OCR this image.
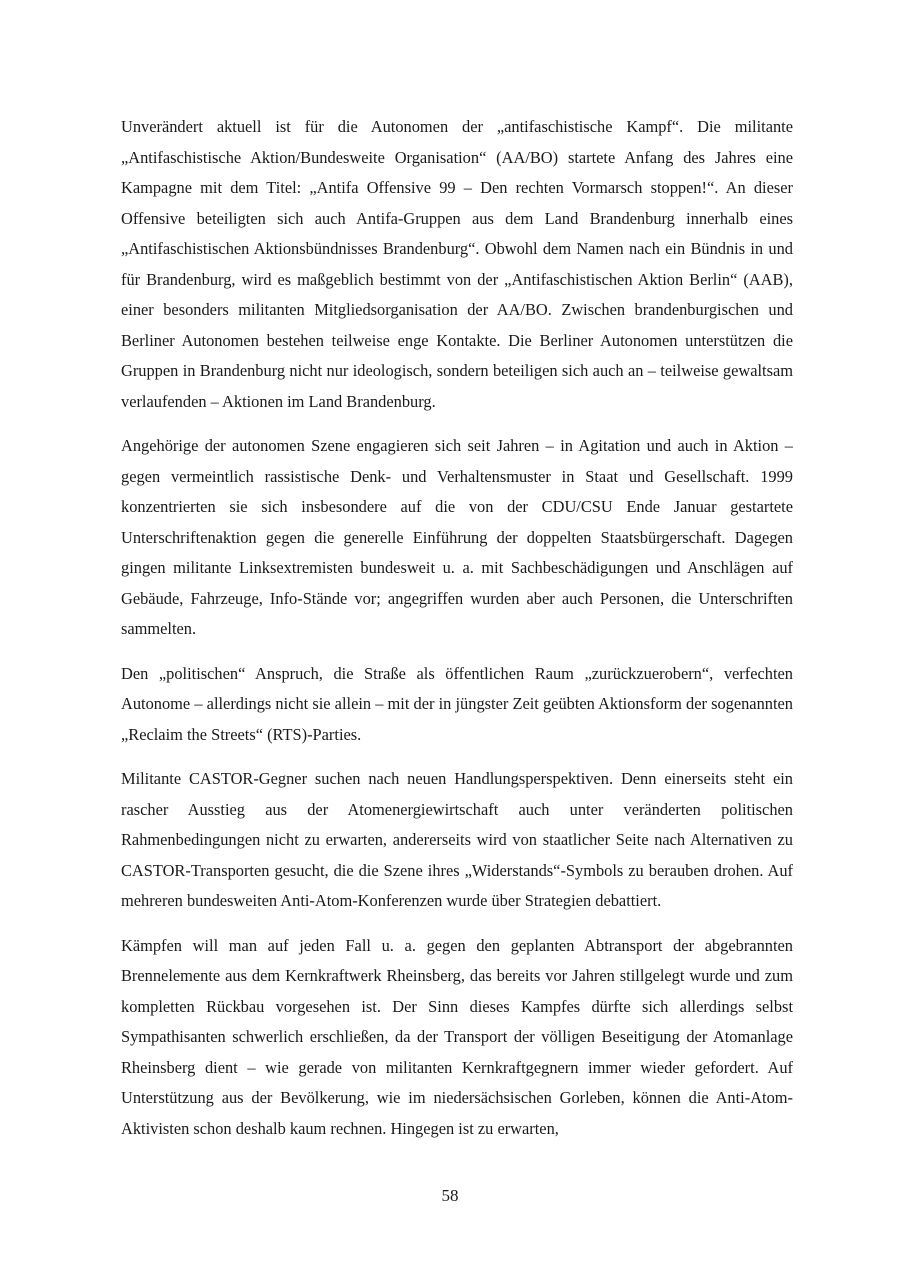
Unverändert aktuell ist für die Autonomen der „antifaschistische Kampf“. Die militante „Antifaschistische Aktion/Bundesweite Organisation“ (AA/BO) startete Anfang des Jahres eine Kampagne mit dem Titel: „Antifa Offensive 99 – Den rechten Vormarsch stoppen!“. An dieser Offensive beteiligten sich auch Antifa-Gruppen aus dem Land Brandenburg innerhalb eines „Antifaschistischen Aktionsbündnisses Brandenburg“. Obwohl dem Namen nach ein Bündnis in und für Brandenburg, wird es maßgeblich bestimmt von der „Antifaschistischen Aktion Berlin“ (AAB), einer besonders militanten Mitgliedsorganisation der AA/BO. Zwischen brandenburgischen und Berliner Autonomen bestehen teilweise enge Kontakte. Die Berliner Autonomen unterstützen die Gruppen in Brandenburg nicht nur ideologisch, sondern beteiligen sich auch an – teilweise gewaltsam verlaufenden – Aktionen im Land Brandenburg.

Angehörige der autonomen Szene engagieren sich seit Jahren – in Agitation und auch in Aktion – gegen vermeintlich rassistische Denk- und Verhaltensmuster in Staat und Gesellschaft. 1999 konzentrierten sie sich insbesondere auf die von der CDU/CSU Ende Januar gestartete Unterschriftenaktion gegen die generelle Einführung der doppelten Staatsbürgerschaft. Dagegen gingen militante Linksextremisten bundesweit u. a. mit Sachbeschädigungen und Anschlägen auf Gebäude, Fahrzeuge, Info-Stände vor; angegriffen wurden aber auch Personen, die Unterschriften sammelten.

Den „politischen“ Anspruch, die Straße als öffentlichen Raum „zurückzuerobern“, verfechten Autonome – allerdings nicht sie allein – mit der in jüngster Zeit geübten Aktionsform der sogenannten „Reclaim the Streets“ (RTS)-Parties.

Militante CASTOR-Gegner suchen nach neuen Handlungsperspektiven. Denn einerseits steht ein rascher Ausstieg aus der Atomenergiewirtschaft auch unter veränderten politischen Rahmenbedingungen nicht zu erwarten, andererseits wird von staatlicher Seite nach Alternativen zu CASTOR-Transporten gesucht, die die Szene ihres „Widerstands“-Symbols zu berauben drohen. Auf mehreren bundesweiten Anti-Atom-Konferenzen wurde über Strategien debattiert.

Kämpfen will man auf jeden Fall u. a. gegen den geplanten Abtransport der abgebrannten Brennelemente aus dem Kernkraftwerk Rheinsberg, das bereits vor Jahren stillgelegt wurde und zum kompletten Rückbau vorgesehen ist. Der Sinn dieses Kampfes dürfte sich allerdings selbst Sympathisanten schwerlich erschließen, da der Transport der völligen Beseitigung der Atomanlage Rheinsberg dient – wie gerade von militanten Kernkraftgegnern immer wieder gefordert. Auf Unterstützung aus der Bevölkerung, wie im niedersächsischen Gorleben, können die Anti-Atom-Aktivisten schon deshalb kaum rechnen. Hingegen ist zu erwarten,

58
